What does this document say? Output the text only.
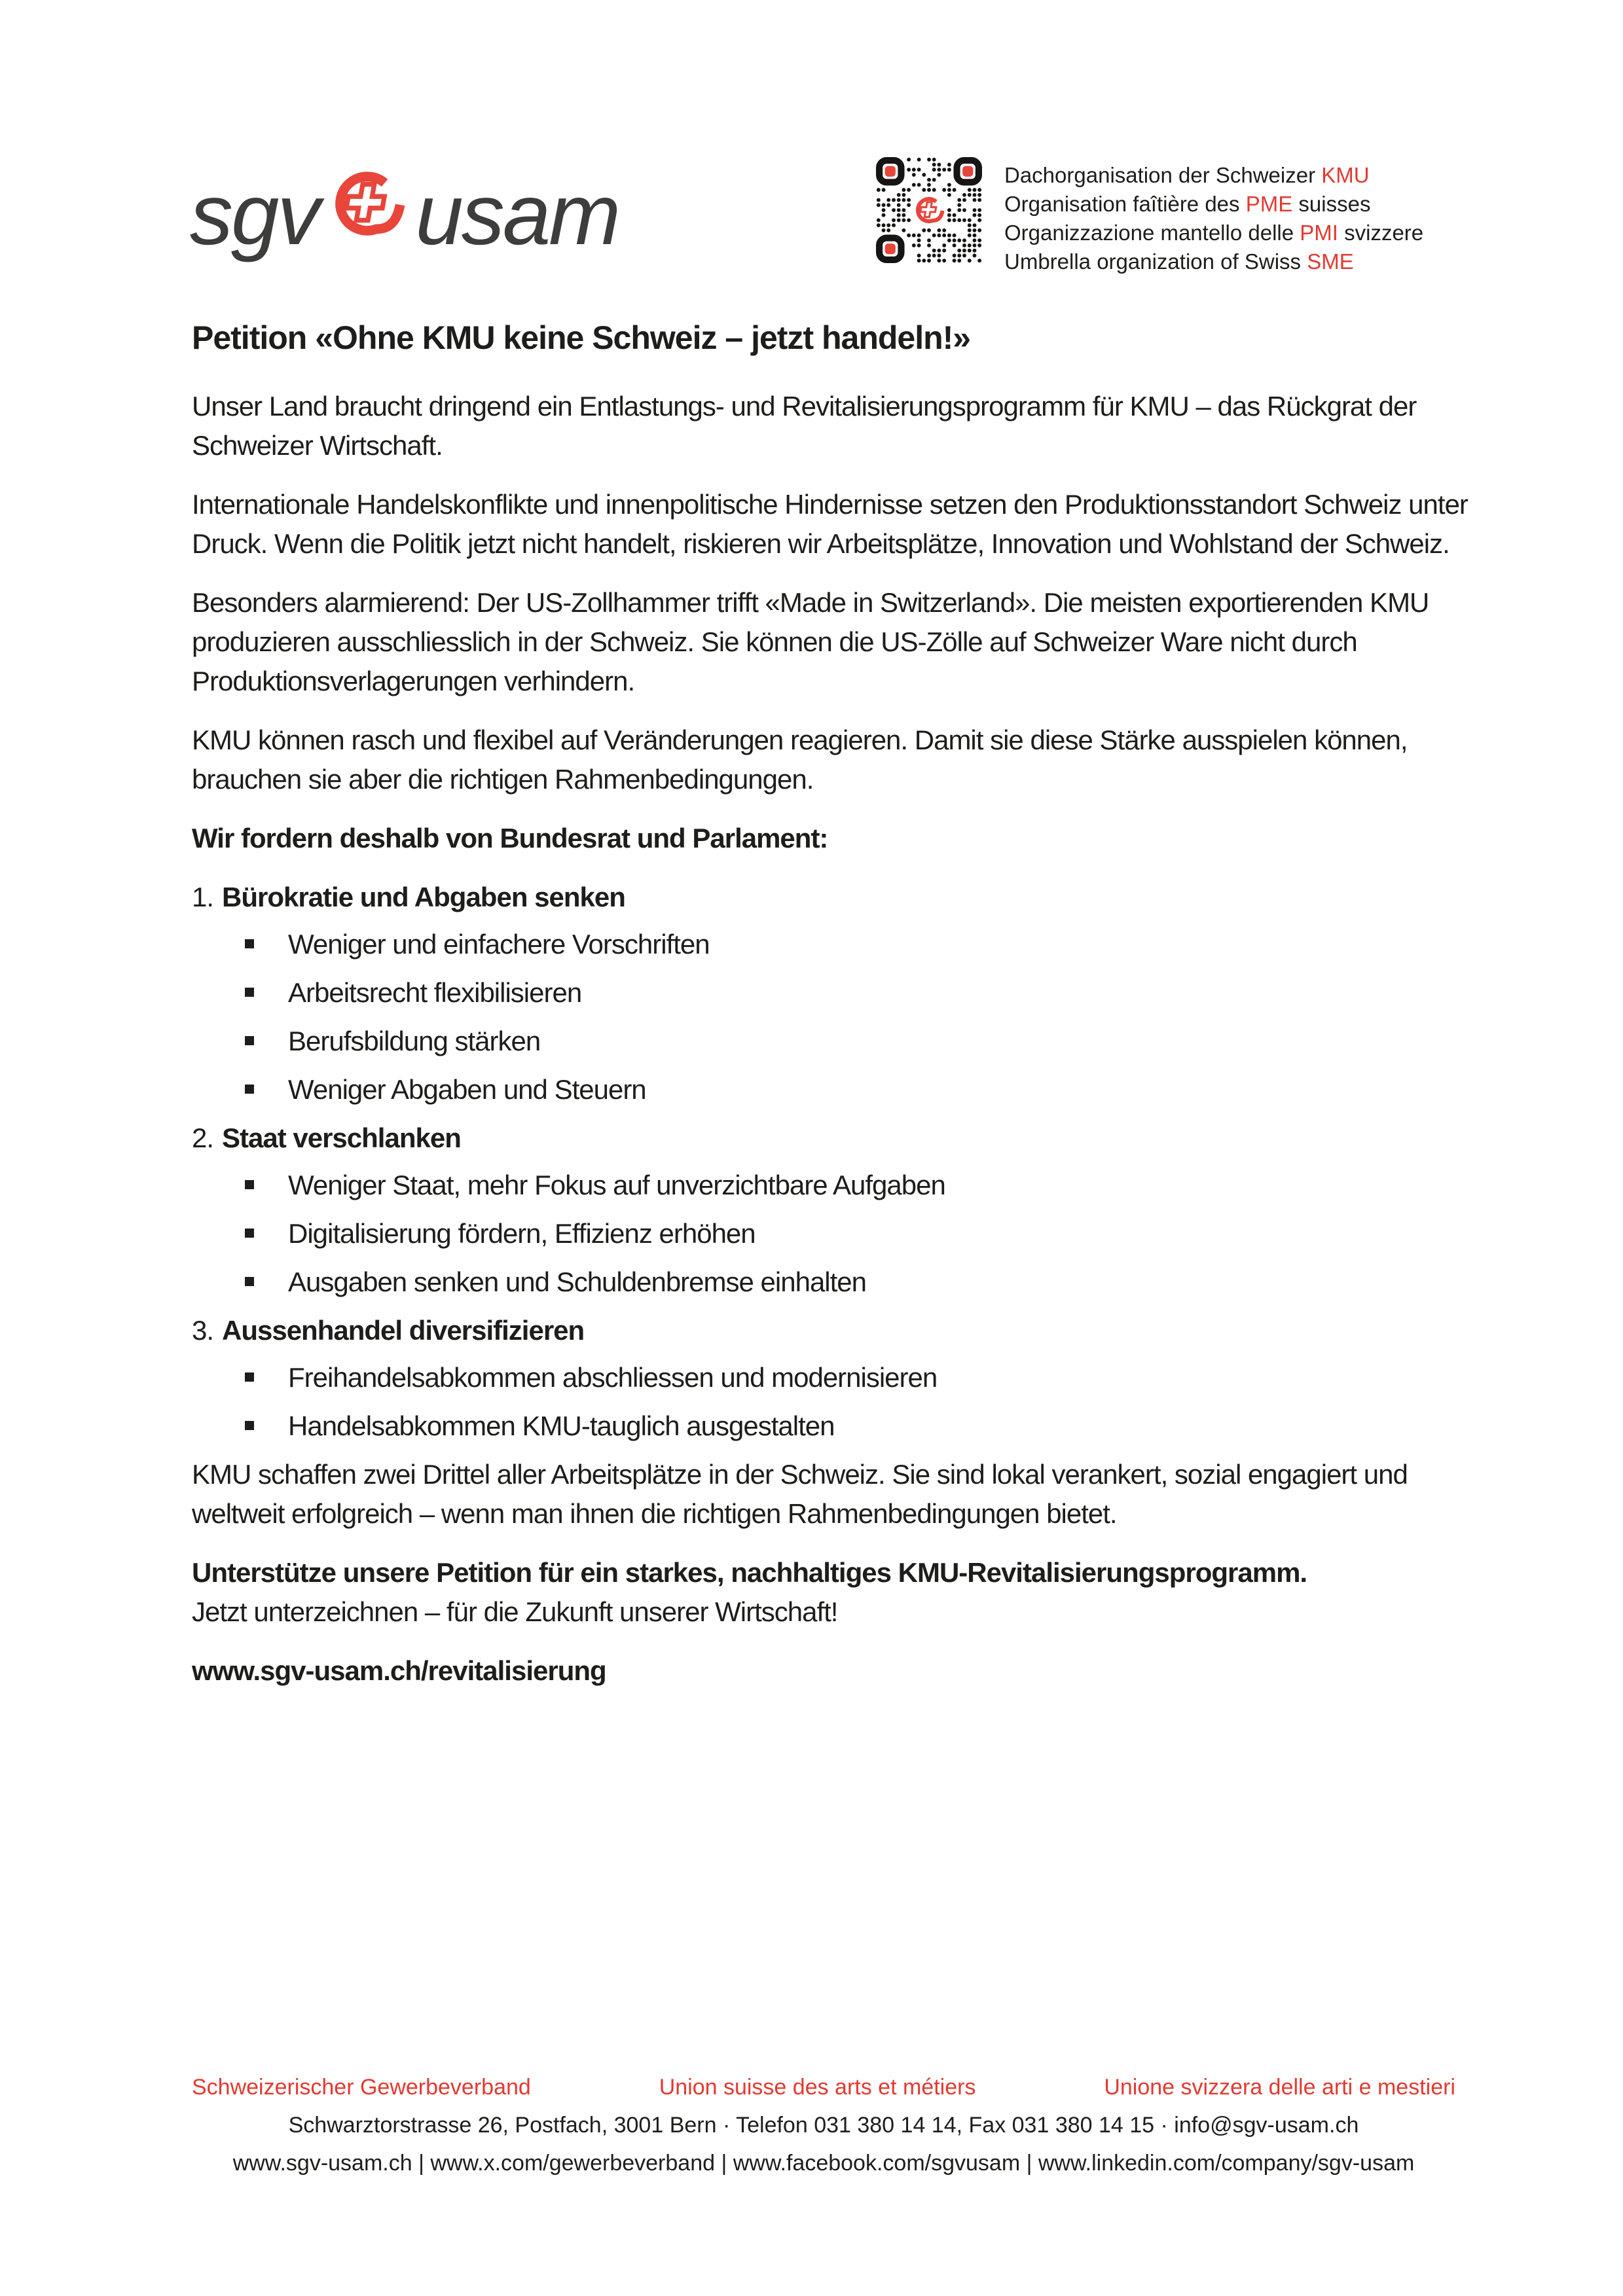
sgv usam	Dachorganisation der Schweizer KMU
Organisation faîtière des PME suisses
Organizzazione mantello delle PMI svizzere
Umbrella organization of Swiss SME
Petition «Ohne KMU keine Schweiz – jetzt handeln!»

Unser Land braucht dringend ein Entlastungs- und Revitalisierungsprogramm für KMU – das Rückgrat der Schweizer Wirtschaft.

Internationale Handelskonflikte und innenpolitische Hindernisse setzen den Produktionsstandort Schweiz unter Druck. Wenn die Politik jetzt nicht handelt, riskieren wir Arbeitsplätze, Innovation und Wohlstand der Schweiz.

Besonders alarmierend: Der US-Zollhammer trifft «Made in Switzerland». Die meisten exportierenden KMU produzieren ausschliesslich in der Schweiz. Sie können die US-Zölle auf Schweizer Ware nicht durch Produktionsverlagerungen verhindern.

KMU können rasch und flexibel auf Veränderungen reagieren. Damit sie diese Stärke ausspielen können, brauchen sie aber die richtigen Rahmenbedingungen.

Wir fordern deshalb von Bundesrat und Parlament:

1. Bürokratie und Abgaben senken
Weniger und einfachere Vorschriften
Arbeitsrecht flexibilisieren
Berufsbildung stärken
Weniger Abgaben und Steuern
2. Staat verschlanken
Weniger Staat, mehr Fokus auf unverzichtbare Aufgaben
Digitalisierung fördern, Effizienz erhöhen
Ausgaben senken und Schuldenbremse einhalten
3. Aussenhandel diversifizieren
Freihandelsabkommen abschliessen und modernisieren
Handelsabkommen KMU-tauglich ausgestalten

KMU schaffen zwei Drittel aller Arbeitsplätze in der Schweiz. Sie sind lokal verankert, sozial engagiert und weltweit erfolgreich – wenn man ihnen die richtigen Rahmenbedingungen bietet.

Unterstütze unsere Petition für ein starkes, nachhaltiges KMU-Revitalisierungsprogramm.
Jetzt unterzeichnen – für die Zukunft unserer Wirtschaft!

www.sgv-usam.ch/revitalisierung

Schweizerischer Gewerbeverband	Union suisse des arts et métiers	Unione svizzera delle arti e mestieri
Schwarztorstrasse 26, Postfach, 3001 Bern · Telefon 031 380 14 14, Fax 031 380 14 15 · info@sgv-usam.ch
www.sgv-usam.ch | www.x.com/gewerbeverband | www.facebook.com/sgvusam | www.linkedin.com/company/sgv-usam
